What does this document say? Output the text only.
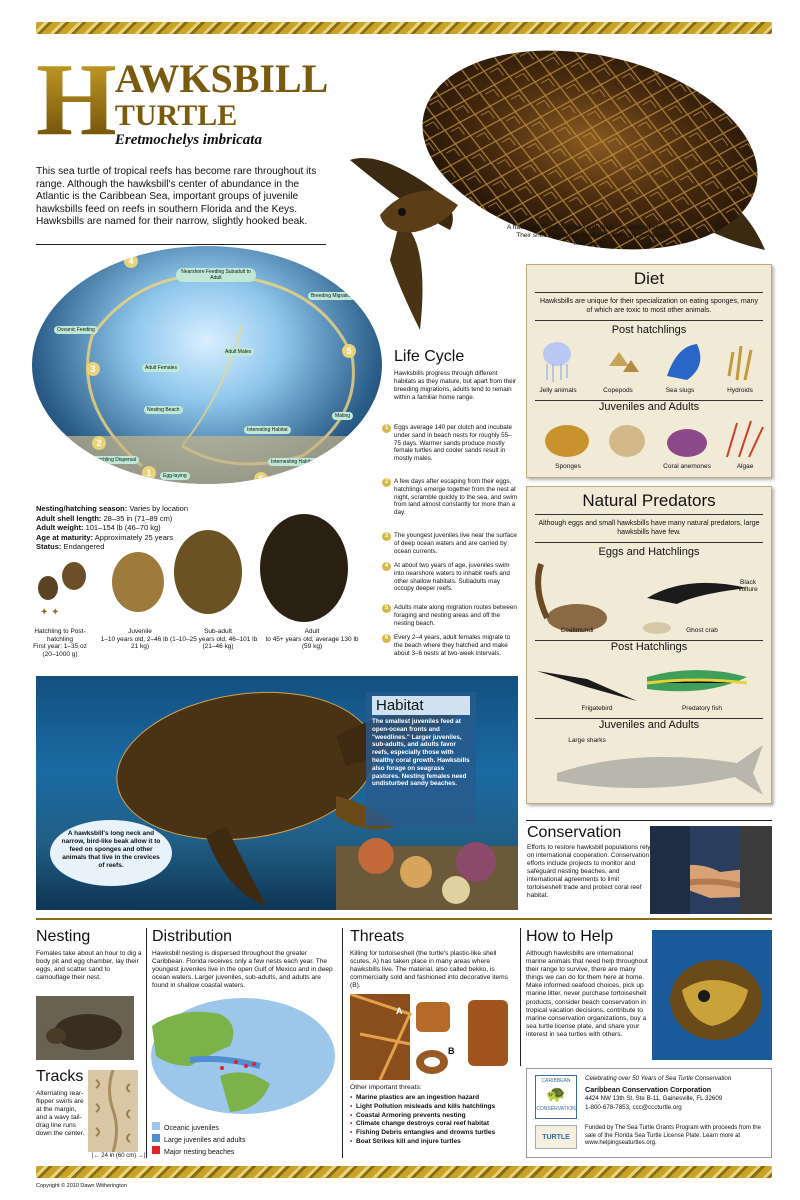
H AWKSBILL
TURTLE
Eretmochelys imbricata
This sea turtle of tropical reefs has become rare throughout its range. Although the hawksbill's center of abundance in the Atlantic is the Caribbean Sea, important groups of juvenile hawksbills feed on reefs in southern Florida and the Keys. Hawksbills are named for their narrow, slightly hooked beak.
A hawksbill's shell is plated with thick, overlapping scutes. Their shell's radiating streaks of color vary between individuals.
Nearshore Feeding Subadult to Adult
Breeding Migration
Oceanic Feeding
Adult Males
Adult Females
Nesting Beach
Mating
Internesting Habitat Near Beach
Hatchling Dispersal
Egg-laying
Interesting Habitat
1
2
3
4
5
6
Life Cycle
Hawksbills progress through different habitats as they mature, but apart from their breeding migrations, adults tend to remain within a familiar home range.
1 Eggs average 140 per clutch and incubate under sand in beach nests for roughly 55–75 days. Warmer sands produce mostly female turtles and cooler sands result in mostly males.
2 A few days after escaping from their eggs, hatchlings emerge together from the nest at night, scramble quickly to the sea, and swim from land almost constantly for more than a day.
3 The youngest juveniles live near the surface of deep ocean waters and are carried by ocean currents.
4 At about two years of age, juveniles swim into nearshore waters to inhabit reefs and other shallow habitats. Subadults may occupy deeper reefs.
5 Adults mate along migration routes between foraging and nesting areas and off the nesting beach.
6 Every 2–4 years, adult females migrate to the beach where they hatched and make about 3–6 nests at two-week intervals.
Nesting/hatching season: Varies by location
Adult shell length: 28–35 in (71–89 cm)
Adult weight: 101–154 lb (46–70 kg)
Age at maturity: Approximately 25 years
Status: Endangered
✦ ✦
Hatchling to Post-hatchling
First year: 1–35 oz (20–1000 g)
Juvenile
1–10 years old, 2–46 lb (1–21 kg)
Sub-adult
10–25 years old, 46–101 lb (21–46 kg)
Adult
to 45+ years old, average 130 lb (59 kg)
Habitat
The smallest juveniles feed at open-ocean fronts and "weedlines." Larger juveniles, sub-adults, and adults favor reefs, especially those with healthy coral growth. Hawksbills also forage on seagrass pastures. Nesting females need undisturbed sandy beaches.
A hawksbill's long neck and narrow, bird-like beak allow it to feed on sponges and other animals that live in the crevices of reefs.
Diet
Hawksbills are unique for their specialization on eating sponges, many of which are toxic to most other animals.
Post hatchlings
Jelly animals	Copepods	Sea slugs	Hydroids
Juveniles and Adults
Sponges	Coral anemones	Algae
Natural Predators
Although eggs and small hawksbills have many natural predators, large hawksbills have few.
Eggs and Hatchlings
Coatimundi
Black vulture
Ghost crab
Post Hatchlings
Frigatebird	Predatory fish
Juveniles and Adults
Large sharks
Conservation
Efforts to restore hawksbill populations rely on international cooperation. Conservation efforts include projects to monitor and safeguard nesting beaches, and international agreements to limit tortoiseshell trade and protect coral reef habitat.
Nesting
Females take about an hour to dig a body pit and egg chamber, lay their eggs, and scatter sand to camouflage their nest.
Tracks
Alternating rear-flipper swirls are at the margin, and a wavy tail-drag line runs down the center.
|← 24 in (60 cm) →|
Distribution
Hawksbill nesting is dispersed throughout the greater Caribbean. Florida receives only a few nests each year. The youngest juveniles live in the open Gulf of Mexico and in deep ocean waters. Larger juveniles, sub-adults, and adults are found in shallow coastal waters.
Oceanic juveniles
Large juveniles and adults
Major nesting beaches
Threats
Killing for tortoiseshell (the turtle's plastic-like shell scutes, A) has taken place in many areas where hawksbills live. The material, also called bekko, is commercially sold and fashioned into decorative items (B).
A
B
Other important threats:
• Marine plastics are an ingestion hazard
• Light Pollution misleads and kills hatchlings
• Coastal Armoring prevents nesting
• Climate change destroys coral reef habitat
• Fishing Debris entangles and drowns turtles
• Boat Strikes kill and injure turtles
How to Help
Although hawksbills are international marine animals that need help throughout their range to survive, there are many things we can do for them here at home. Make informed seafood choices, pick up marine litter, never purchase tortoiseshell products, consider beach conservation in tropical vacation decisions, contribute to marine conservation organizations, buy a sea turtle license plate, and share your interest in sea turtles with others.
CARIBBEAN
🐢
CONSERVATION
TURTLE
Celebrating over 50 Years of Sea Turtle Conservation
Caribbean Conservation Corporation
4424 NW 13th St, Ste B-11, Gainesville, FL 32609
1-800-678-7853, ccc@cccturtle.org
Funded by The Sea Turtle Grants Program with proceeds from the sale of the Florida Sea Turtle License Plate. Learn more at www.helpingseaturtles.org.
Copyright © 2010 Dawn Witherington
